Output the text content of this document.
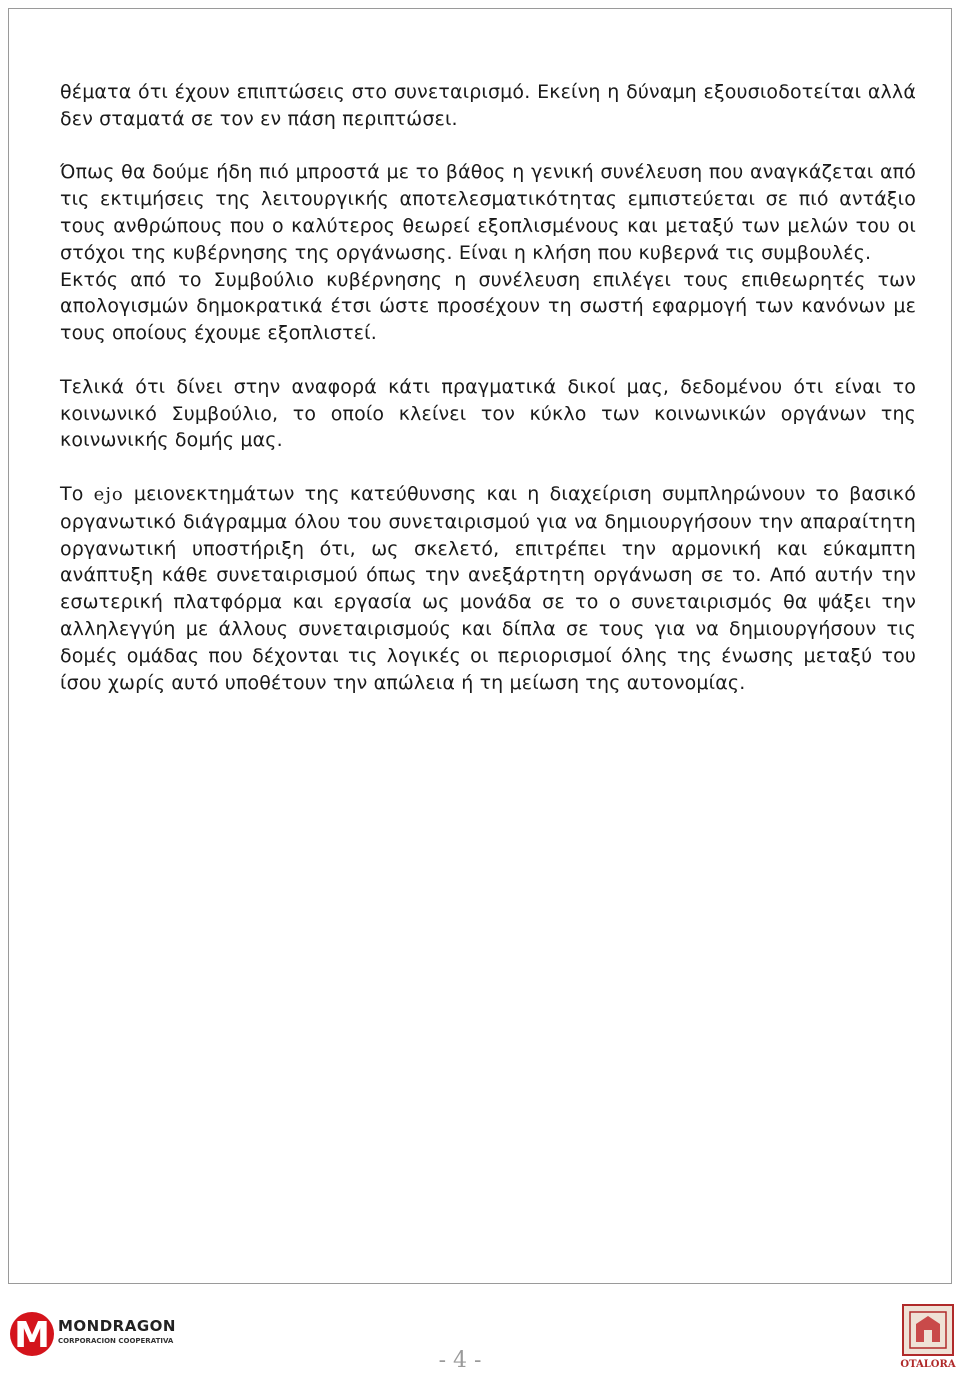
θέματα ότι έχουν επιπτώσεις στο συνεταιρισμό. Εκείνη η δύναμη εξουσιοδοτείται αλλά δεν σταματά σε τον εν πάση περιπτώσει.

Όπως θα δούμε ήδη πιό μπροστά με το βάθος η γενική συνέλευση που αναγκάζεται από τις εκτιμήσεις της λειτουργικής αποτελεσματικότητας εμπιστεύεται σε πιό αντάξιο τους ανθρώπους που ο καλύτερος θεωρεί εξοπλισμένους και μεταξύ των μελών του οι στόχοι της κυβέρνησης της οργάνωσης. Είναι η κλήση που κυβερνά τις συμβουλές.

Εκτός από το Συμβούλιο κυβέρνησης η συνέλευση επιλέγει τους επιθεωρητές των απολογισμών δημοκρατικά έτσι ώστε προσέχουν τη σωστή εφαρμογή των κανόνων με τους οποίους έχουμε εξοπλιστεί.

Τελικά ότι δίνει στην αναφορά κάτι πραγματικά δικοί μας, δεδομένου ότι είναι το κοινωνικό Συμβούλιο, το οποίο κλείνει τον κύκλο των κοινωνικών οργάνων της κοινωνικής δομής μας.

Το ejo μειονεκτημάτων της κατεύθυνσης και η διαχείριση συμπληρώνουν το βασικό οργανωτικό διάγραμμα όλου του συνεταιρισμού για να δημιουργήσουν την απαραίτητη οργανωτική υποστήριξη ότι, ως σκελετό, επιτρέπει την αρμονική και εύκαμπτη ανάπτυξη κάθε συνεταιρισμού όπως την ανεξάρτητη οργάνωση σε το. Από αυτήν την εσωτερική πλατφόρμα και εργασία ως μονάδα σε το ο συνεταιρισμός θα ψάξει την αλληλεγγύη με άλλους συνεταιρισμούς και δίπλα σε τους για να δημιουργήσουν τις δομές ομάδας που δέχονται τις λογικές οι περιορισμοί όλης της ένωσης μεταξύ του ίσου χωρίς αυτό υποθέτουν την απώλεια ή τη μείωση της αυτονομίας.

M MONDRAGON
CORPORACION COOPERATIVA
- 4 -	OTALORA
